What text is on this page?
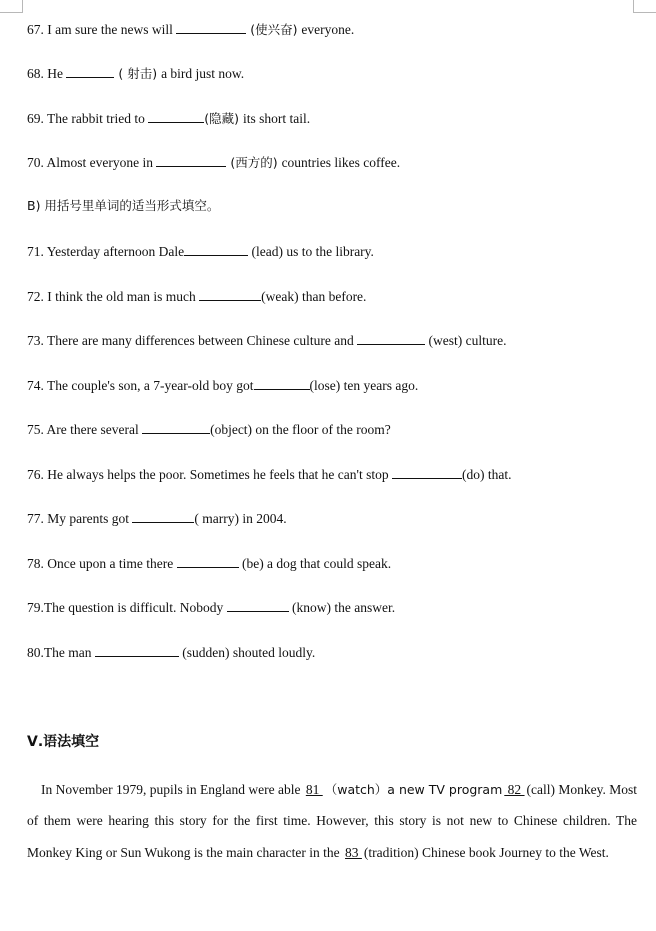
67. I am sure the news will	(使兴奋) everyone.
68. He	( 射击) a bird just now.
69. The rabbit tried to	(隐藏) its short tail.
70. Almost everyone in	(西方的) countries likes coffee.
71. Yesterday afternoon Dale	(lead) us to the library.
72. I think the old man is much	(weak) than before.
73. There are many differences between Chinese culture and	(west) culture.
74. The couple's son, a 7-year-old boy got	(lose) ten years ago.
75. Are there several	(object) on the floor of the room?
76. He always helps the poor. Sometimes he feels that he can't stop	(do) that.
77. My parents got	( marry) in 2004.
78. Once upon a time there	(be) a dog that could speak.
79.The question is difficult. Nobody	(know) the answer.
80.The man	(sudden) shouted loudly.
B) 用括号里单词的适当形式填空。
Ⅴ.语法填空
In November 1979, pupils in England were able 81 （watch）a new TV program 82 (call) Monkey. Most of them were hearing this story for the first time. However, this story is not new to Chinese children. The Monkey King or Sun Wukong is the main character in the 83 (tradition) Chinese book Journey to the West.
